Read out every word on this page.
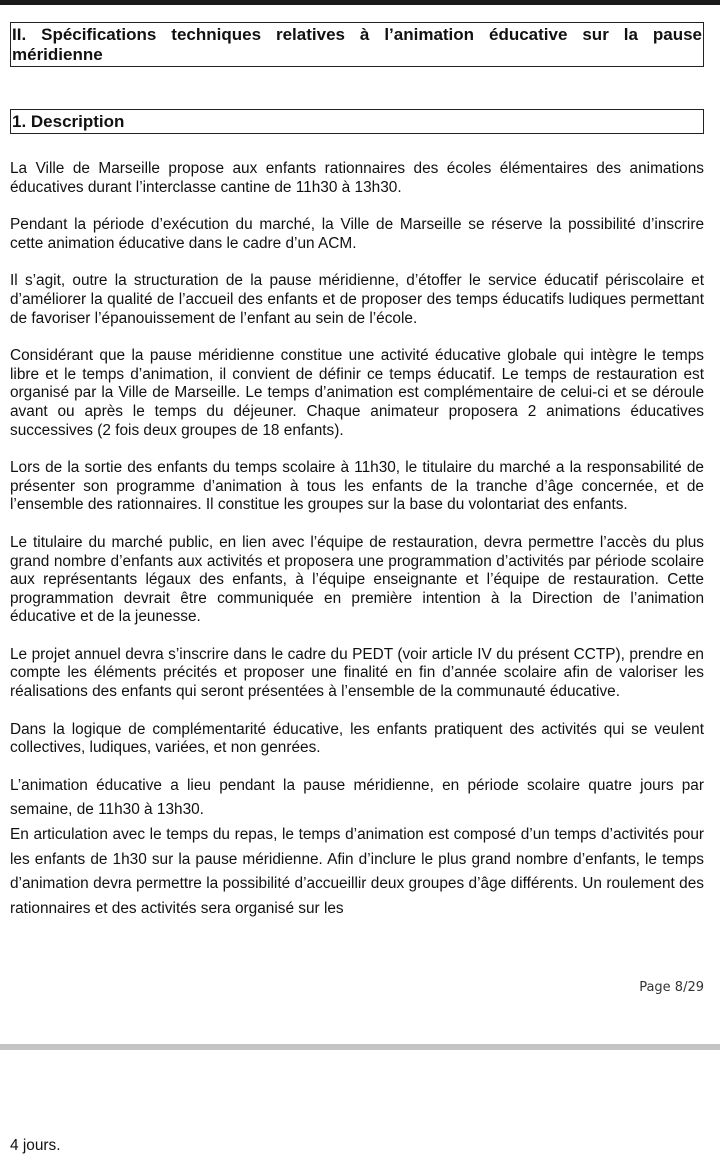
II. Spécifications techniques relatives à l’animation éducative sur la pause méridienne
1. Description

La Ville de Marseille propose aux enfants rationnaires des écoles élémentaires des animations éducatives durant l’interclasse cantine de 11h30 à 13h30.

Pendant la période d’exécution du marché, la Ville de Marseille se réserve la possibilité d’inscrire cette animation éducative dans le cadre d’un ACM.

Il s’agit, outre la structuration de la pause méridienne, d’étoffer le service éducatif périscolaire et d’améliorer la qualité de l’accueil des enfants et de proposer des temps éducatifs ludiques permettant de favoriser l’épanouissement de l’enfant au sein de l’école.

Considérant que la pause méridienne constitue une activité éducative globale qui intègre le temps libre et le temps d’animation, il convient de définir ce temps éducatif. Le temps de restauration est organisé par la Ville de Marseille. Le temps d’animation est complémentaire de celui-ci et se déroule avant ou après le temps du déjeuner. Chaque animateur proposera 2 animations éducatives successives (2 fois deux groupes de 18 enfants).

Lors de la sortie des enfants du temps scolaire à 11h30, le titulaire du marché a la responsabilité de présenter son programme d’animation à tous les enfants de la tranche d’âge concernée, et de l’ensemble des rationnaires. Il constitue les groupes sur la base du volontariat des enfants.

Le titulaire du marché public, en lien avec l’équipe de restauration, devra permettre l’accès du plus grand nombre d’enfants aux activités et proposera une programmation d’activités par période scolaire aux représentants légaux des enfants, à l’équipe enseignante et l’équipe de restauration. Cette programmation devrait être communiquée en première intention à la Direction de l’animation éducative et de la jeunesse.

Le projet annuel devra s’inscrire dans le cadre du PEDT (voir article IV du présent CCTP), prendre en compte les éléments précités et proposer une finalité en fin d’année scolaire afin de valoriser les réalisations des enfants qui seront présentées à l’ensemble de la communauté éducative.

Dans la logique de complémentarité éducative, les enfants pratiquent des activités qui se veulent collectives, ludiques, variées, et non genrées.

L’animation éducative a lieu pendant la pause méridienne, en période scolaire quatre jours par semaine, de 11h30 à 13h30.

En articulation avec le temps du repas, le temps d’animation est composé d’un temps d’activités pour les enfants de 1h30 sur la pause méridienne. Afin d’inclure le plus grand nombre d’enfants, le temps d’animation devra permettre la possibilité d’accueillir deux groupes d’âge différents. Un roulement des rationnaires et des activités sera organisé sur les

Page 8/29
4 jours.
